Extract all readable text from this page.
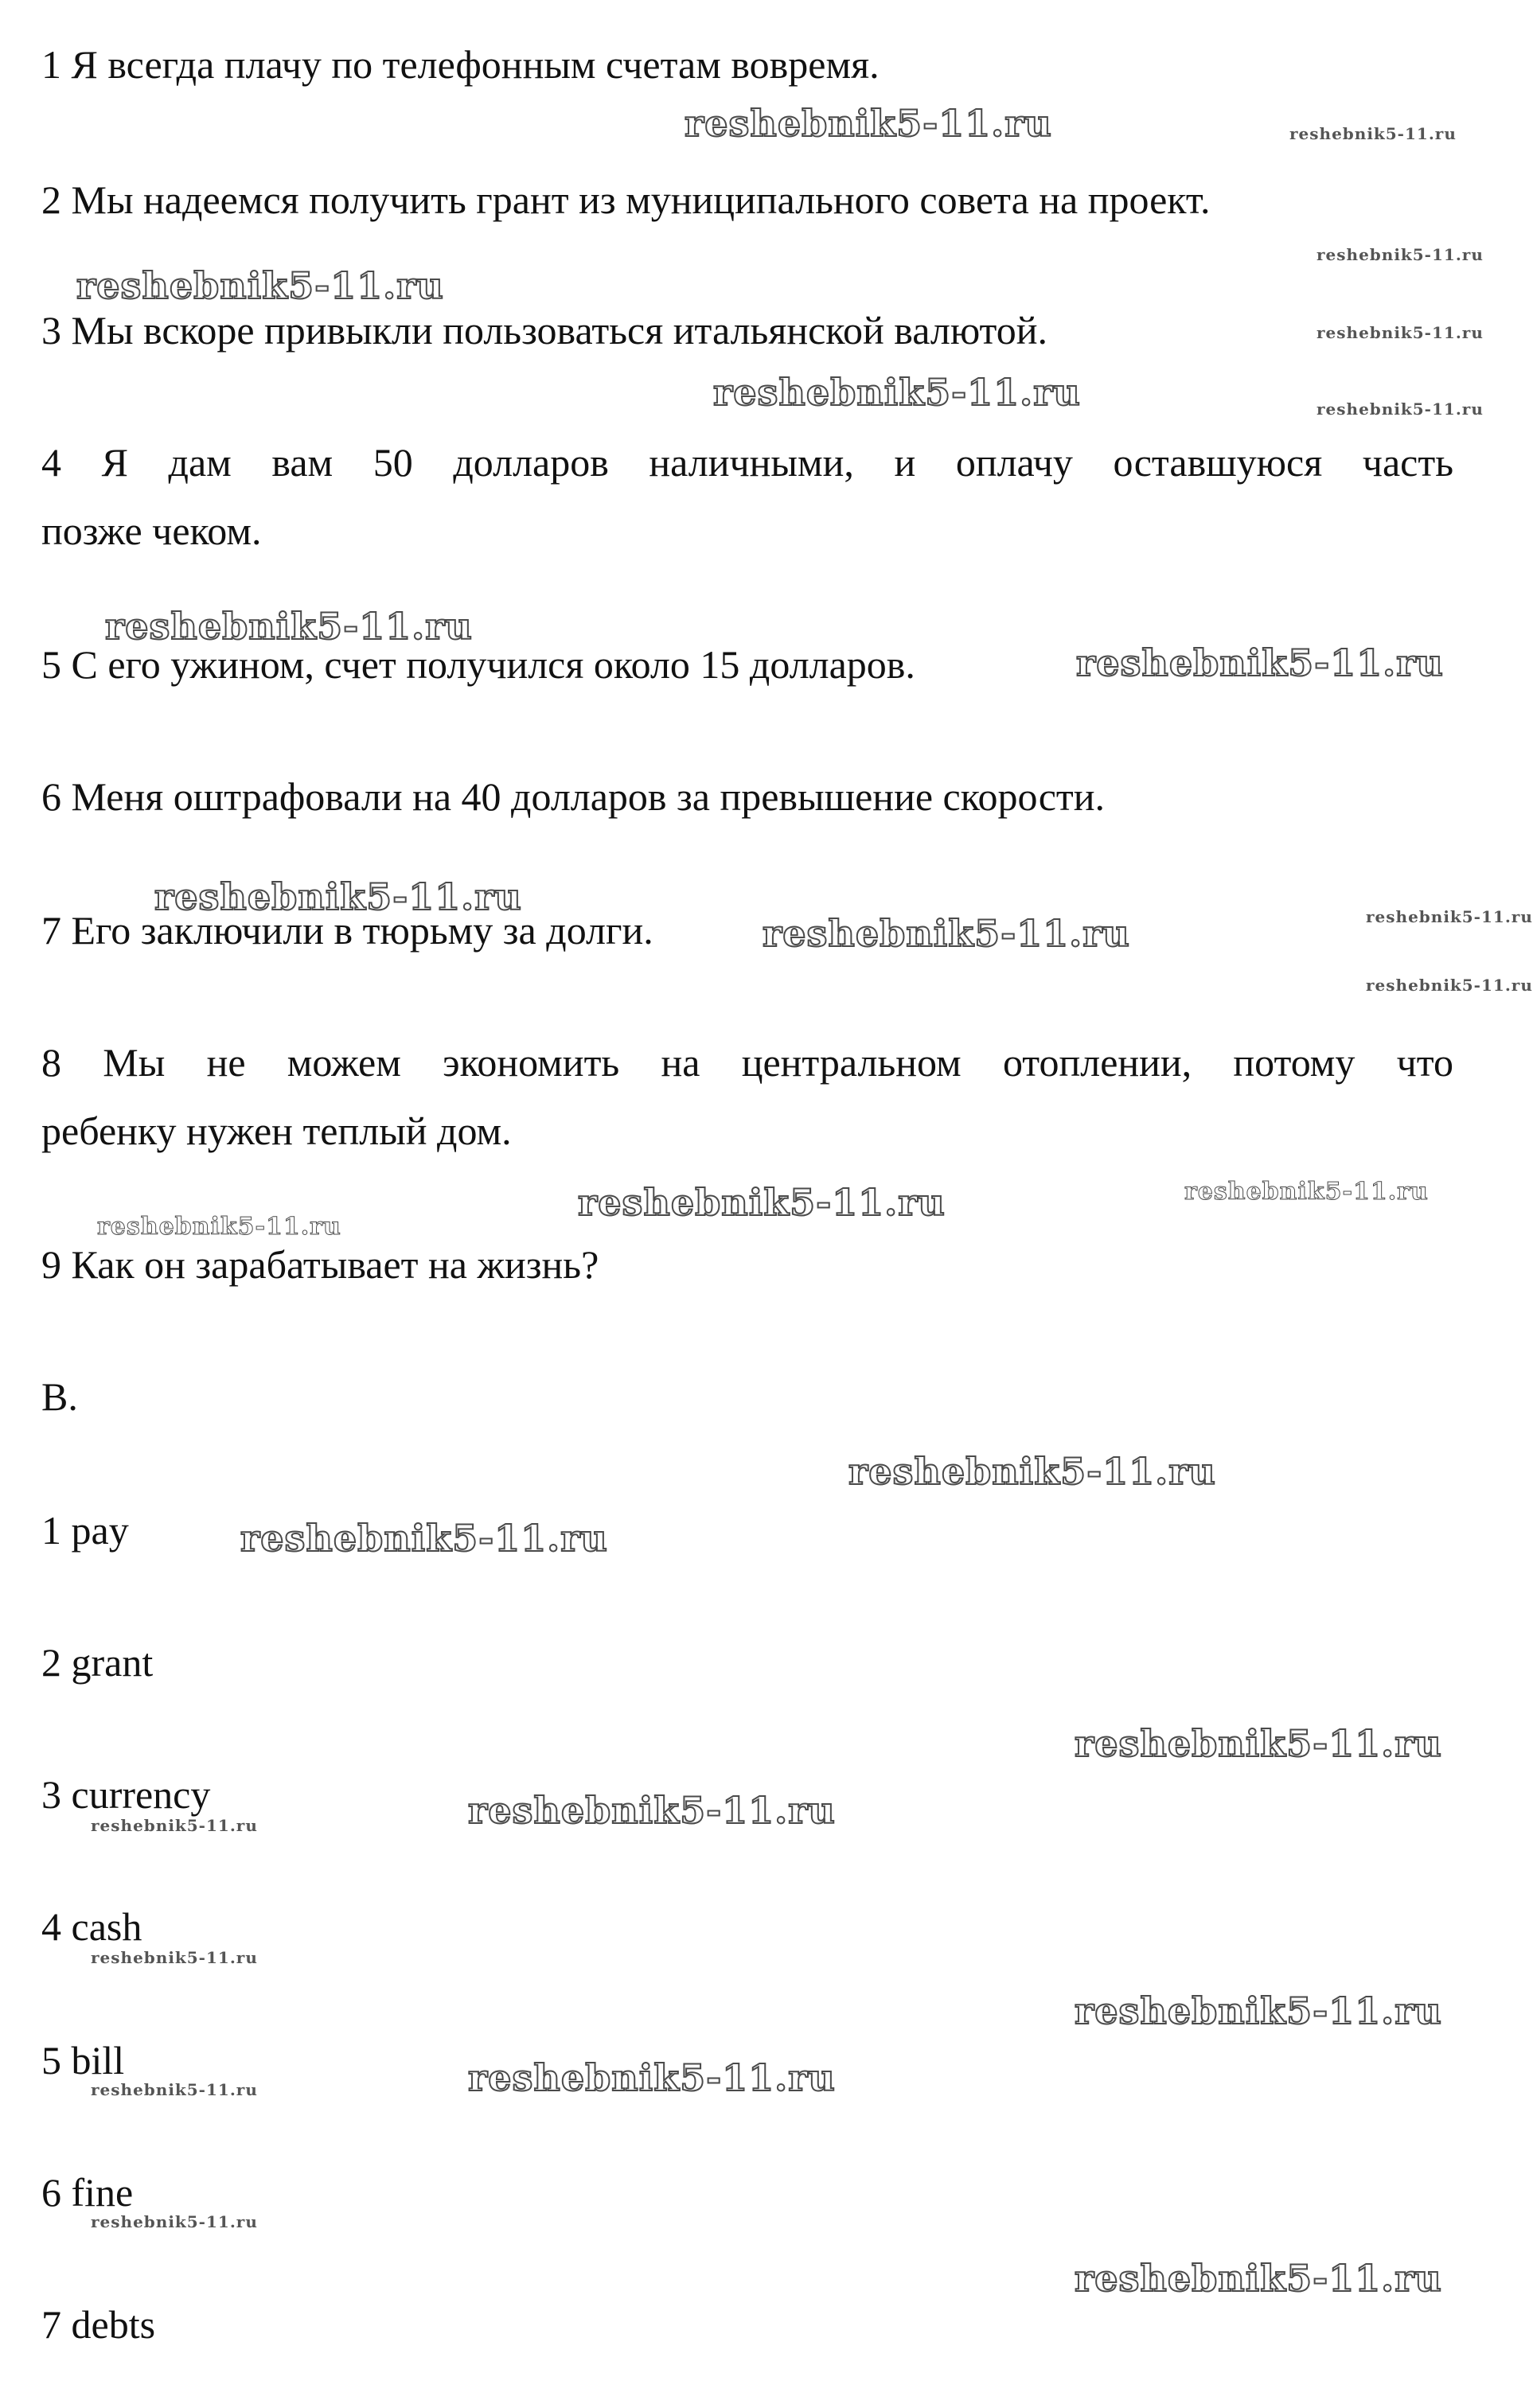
1 Я всегда плачу по телефонным счетам вовремя.
2 Мы надеемся получить грант из муниципального совета на проект.
3 Мы вскоре привыкли пользоваться итальянской валютой.
4 Я дам вам 50 долларов наличными, и оплачу оставшуюся часть
позже чеком.
5 С его ужином, счет получился около 15 долларов.
6 Меня оштрафовали на 40 долларов за превышение скорости.
7 Его заключили в тюрьму за долги.
8 Мы не можем экономить на центральном отоплении, потому что
ребенку нужен теплый дом.
9 Как он зарабатывает на жизнь?
B.
1 pay
2 grant
3 currency
4 cash
5 bill
6 fine
7 debts
reshebnik5-11.ru
reshebnik5-11.ru
reshebnik5-11.ru
reshebnik5-11.ru
reshebnik5-11.ru
reshebnik5-11.ru
reshebnik5-11.ru
reshebnik5-11.ru
reshebnik5-11.ru
reshebnik5-11.ru
reshebnik5-11.ru
reshebnik5-11.ru
reshebnik5-11.ru
reshebnik5-11.ru
reshebnik5-11.ru
reshebnik5-11.ru
reshebnik5-11.ru
reshebnik5-11.ru
reshebnik5-11.ru
reshebnik5-11.ru
reshebnik5-11.ru
reshebnik5-11.ru
reshebnik5-11.ru
reshebnik5-11.ru
reshebnik5-11.ru
reshebnik5-11.ru
reshebnik5-11.ru
